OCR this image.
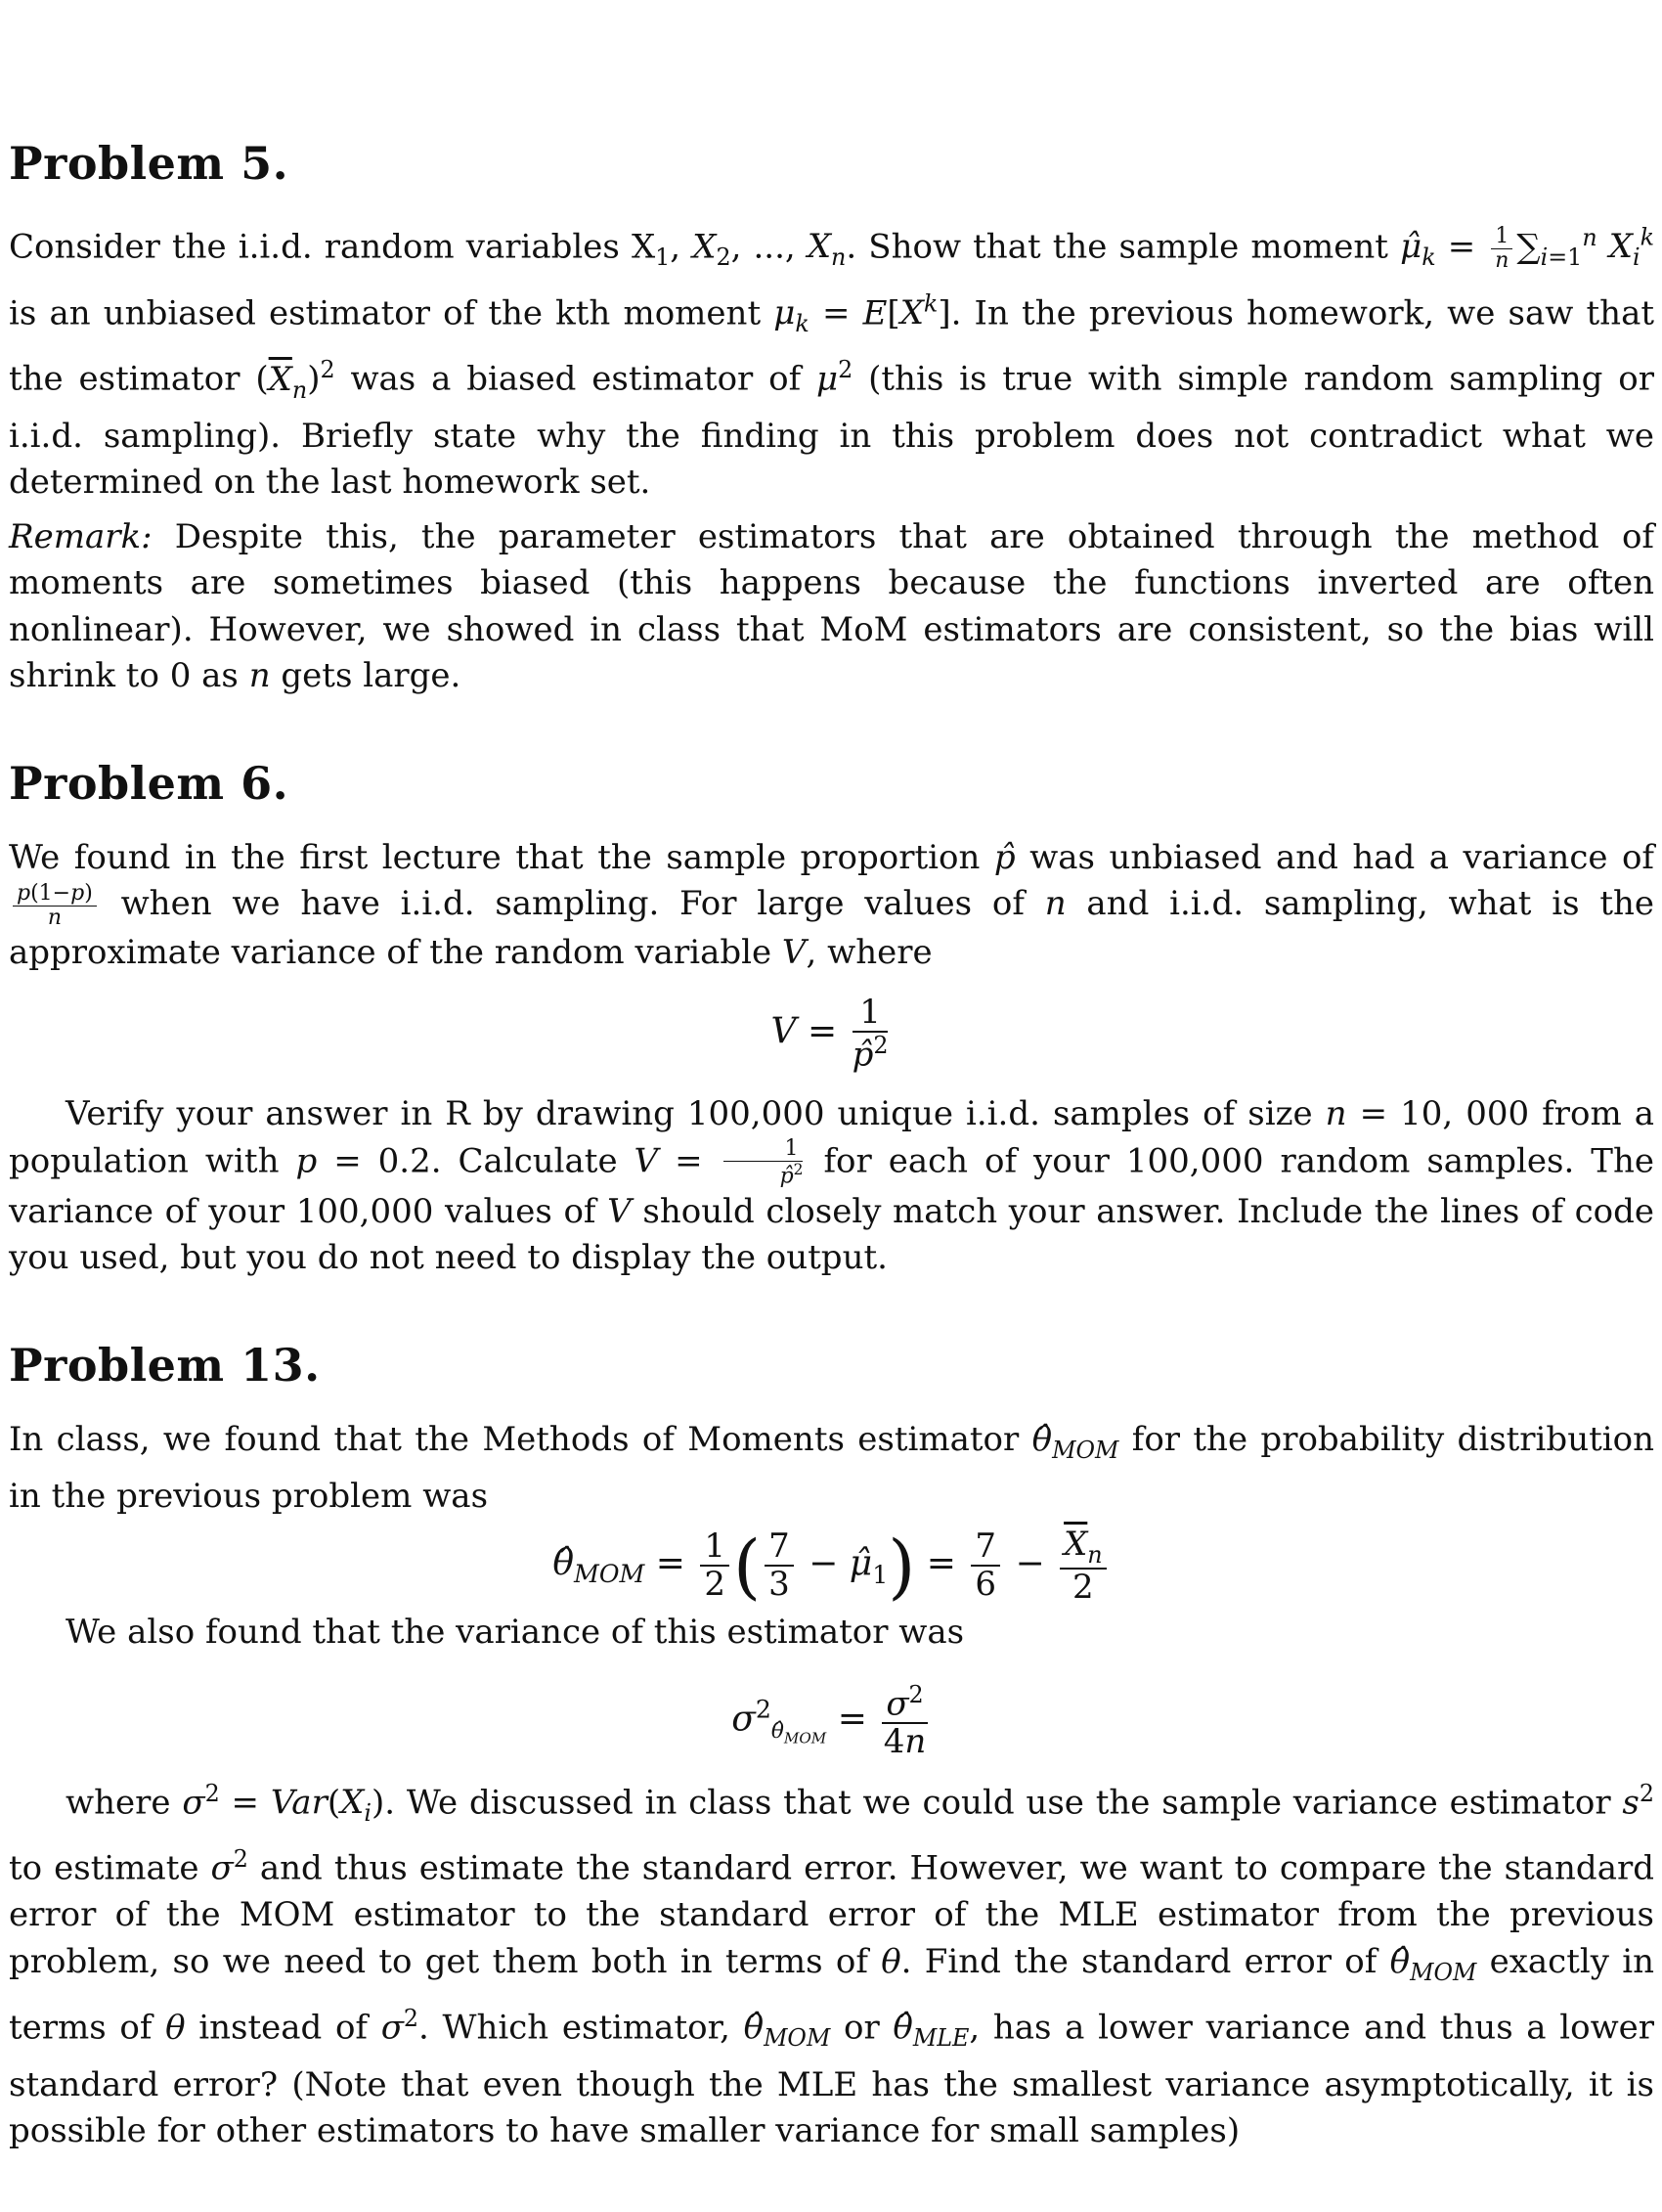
Problem 5.

Consider the i.i.d. random variables $X_1$, $X_2$, ..., $X_n$. Show that the sample moment $\mû_k = \frac{1}{n} \sum_{i=1}^n$ $X_i^k$ is an unbiased estimator of the kth moment $\mu_k = E[X^k]$. In the previous homework, we saw that the estimator $(\overline{X}_n)^2$ was a biased estimator of $\mu^2$ (this is true with simple random sampling or i.i.d. sampling). Briefly state why the finding in this problem does not contradict what we determined on the last homework set.

Remark: Despite this, the parameter estimators that are obtained through the method of moments are sometimes biased (this happens because the functions inverted are often nonlinear). However, we showed in class that MoM estimators are consistent, so the bias will shrink to 0 as n gets large.

Problem 6.

We found in the first lecture that the sample proportion p̂ was unbiased and had a variance of
$\frac{p(1-p)}{n}$ when we have i.i.d. sampling. For large values of n and i.i.d. sampling, what is the approximate variance of the random variable V, where

$V = \frac{1}{p̂^2}$

Verify your answer in R by drawing 100,000 unique i.i.d. samples of size n = 10, 000 from a population with p = 0.2. Calculate $V = \frac{1}{p̂^2}$ for each of your 100,000 random samples. The variance of your 100,000 values of V should closely match your answer. Include the lines of code you used, but you do not need to display the output.

Problem 13.

In class, we found that the Methods of Moments estimator $\thetâ_{MOM}$ for the probability distribution in the previous problem was

$\thetâ_{MOM} = \frac{1}{2}$ ( $\frac{7}{3}$ − $\mû_1) = \frac{7}{6} - \frac{\overline{X}_n}{2}$

We also found that the variance of this estimator was

$\sigma^2_{\thetâ_{MOM}} = \frac{\sigma^2}{4n}$

where $\sigma^2 = Var(X_i)$. We discussed in class that we could use the sample variance estimator $s^2$ to estimate $\sigma^2$ and thus estimate the standard error. However, we want to compare the standard error of the MOM estimator to the standard error of the MLE estimator from the previous problem, so we need to get them both in terms of θ. Find the standard error of $\thetâ_{MOM}$ exactly in terms of θ instead of $\sigma^2$. Which estimator, $\thetâ_{MOM}$ or $\thetâ_{MLE}$, has a lower variance and thus a lower standard error? (Note that even though the MLE has the smallest variance asymptotically, it is possible for other estimators to have smaller variance for small samples)
